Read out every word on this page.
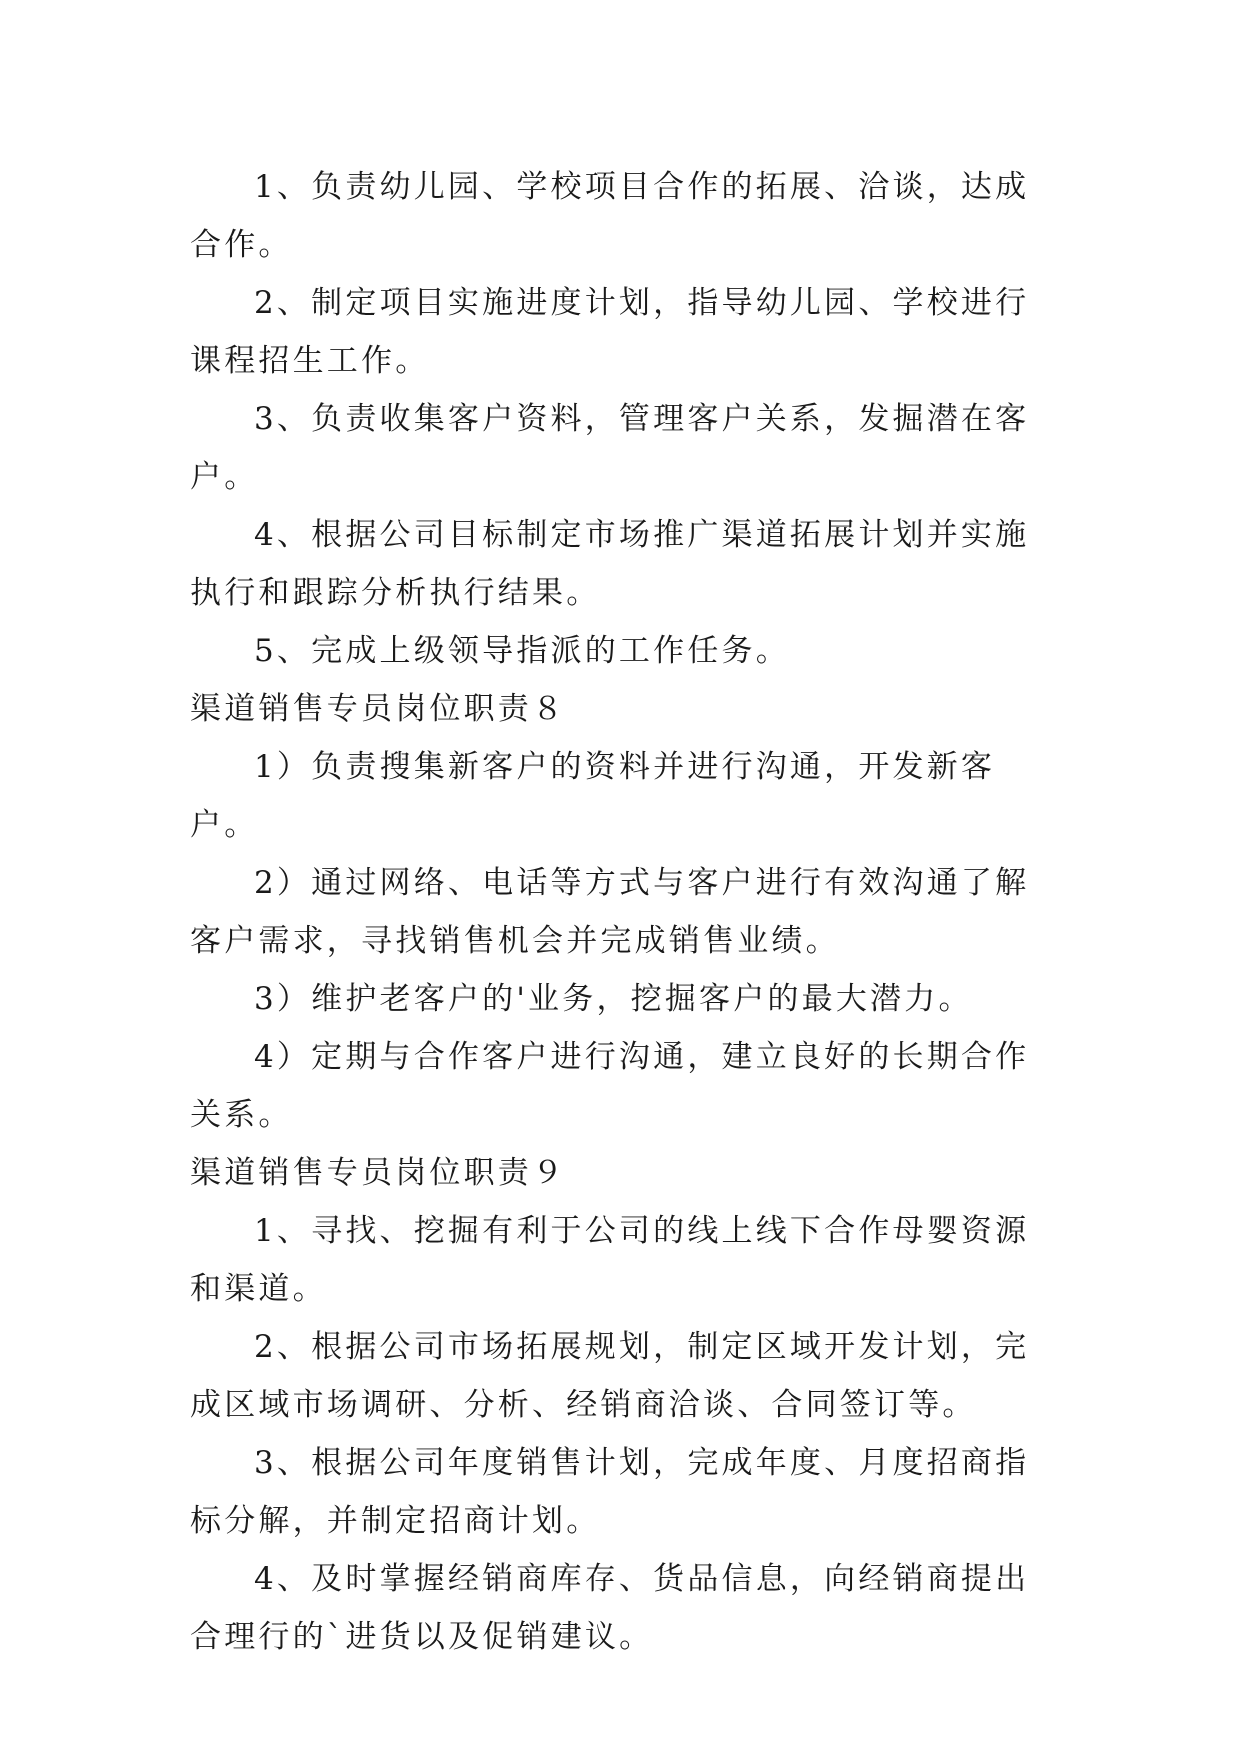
1、负责幼儿园、学校项目合作的拓展、洽谈，达成合作。

2、制定项目实施进度计划，指导幼儿园、学校进行课程招生工作。

3、负责收集客户资料，管理客户关系，发掘潜在客户。

4、根据公司目标制定市场推广渠道拓展计划并实施执行和跟踪分析执行结果。

5、完成上级领导指派的工作任务。

渠道销售专员岗位职责８

1）负责搜集新客户的资料并进行沟通，开发新客户。

2）通过网络、电话等方式与客户进行有效沟通了解客户需求，寻找销售机会并完成销售业绩。

3）维护老客户的'业务，挖掘客户的最大潜力。

4）定期与合作客户进行沟通，建立良好的长期合作关系。

渠道销售专员岗位职责９

1、寻找、挖掘有利于公司的线上线下合作母婴资源和渠道。

2、根据公司市场拓展规划，制定区域开发计划，完成区域市场调研、分析、经销商洽谈、合同签订等。

3、根据公司年度销售计划，完成年度、月度招商指标分解，并制定招商计划。

4、及时掌握经销商库存、货品信息，向经销商提出合理行的`进货以及促销建议。
